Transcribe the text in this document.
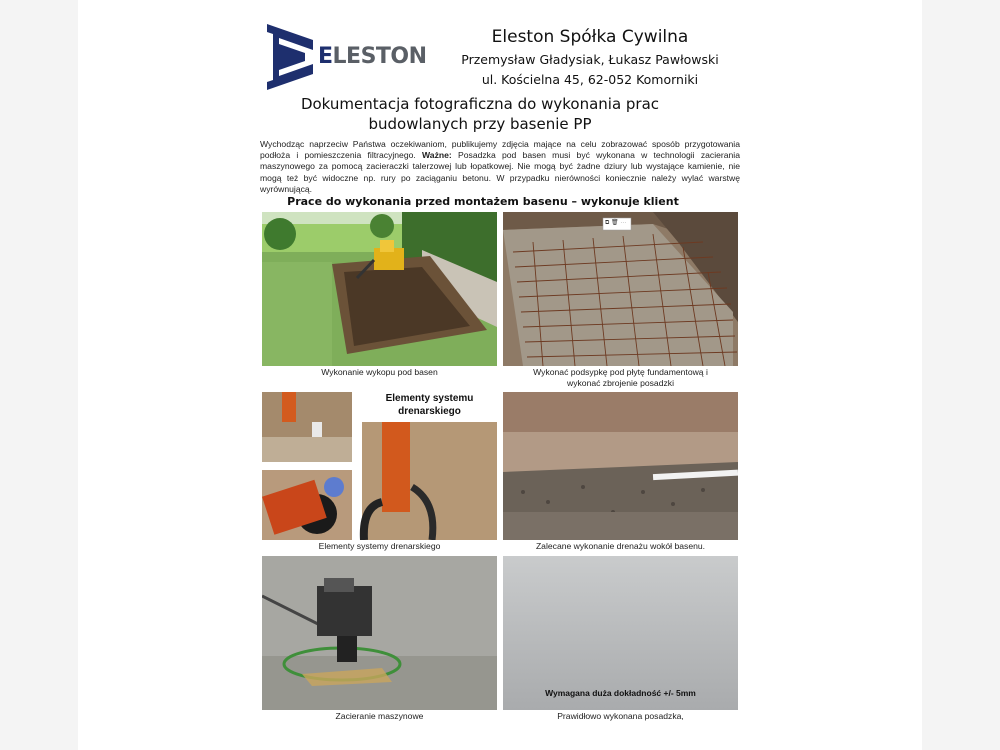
ELESTON
Eleston Spółka Cywilna
Przemysław Gładysiak, Łukasz Pawłowski
ul. Kościelna 45, 62-052 Komorniki
Dokumentacja fotograficzna do wykonania prac
budowlanych przy basenie PP
Wychodząc naprzeciw Państwa oczekiwaniom, publikujemy zdjęcia mające na celu zobrazować sposób przygotowania podłoża i pomieszczenia filtracyjnego. Ważne: Posadzka pod basen musi być wykonana w technologii zacierania maszynowego za pomocą zacieraczki talerzowej lub łopatkowej. Nie mogą być żadne dziury lub wystające kamienie, nie mogą też być widoczne np. rury po zaciąganiu betonu. W przypadku nierówności koniecznie należy wylać warstwę wyrównującą.
Prace do wykonania przed montażem basenu – wykonuje klient
Wykonanie wykopu pod basen
⧉ 🗑 ⋯
Wykonać podsypkę pod płytę fundamentową i
wykonać zbrojenie posadzki
Elementy systemu
drenarskiego
Elementy systemy drenarskiego	Zalecane wykonanie drenażu wokół basenu.
Zacieranie maszynowe
Wymagana duża dokładność +/- 5mm
Prawidłowo wykonana posadzka,
